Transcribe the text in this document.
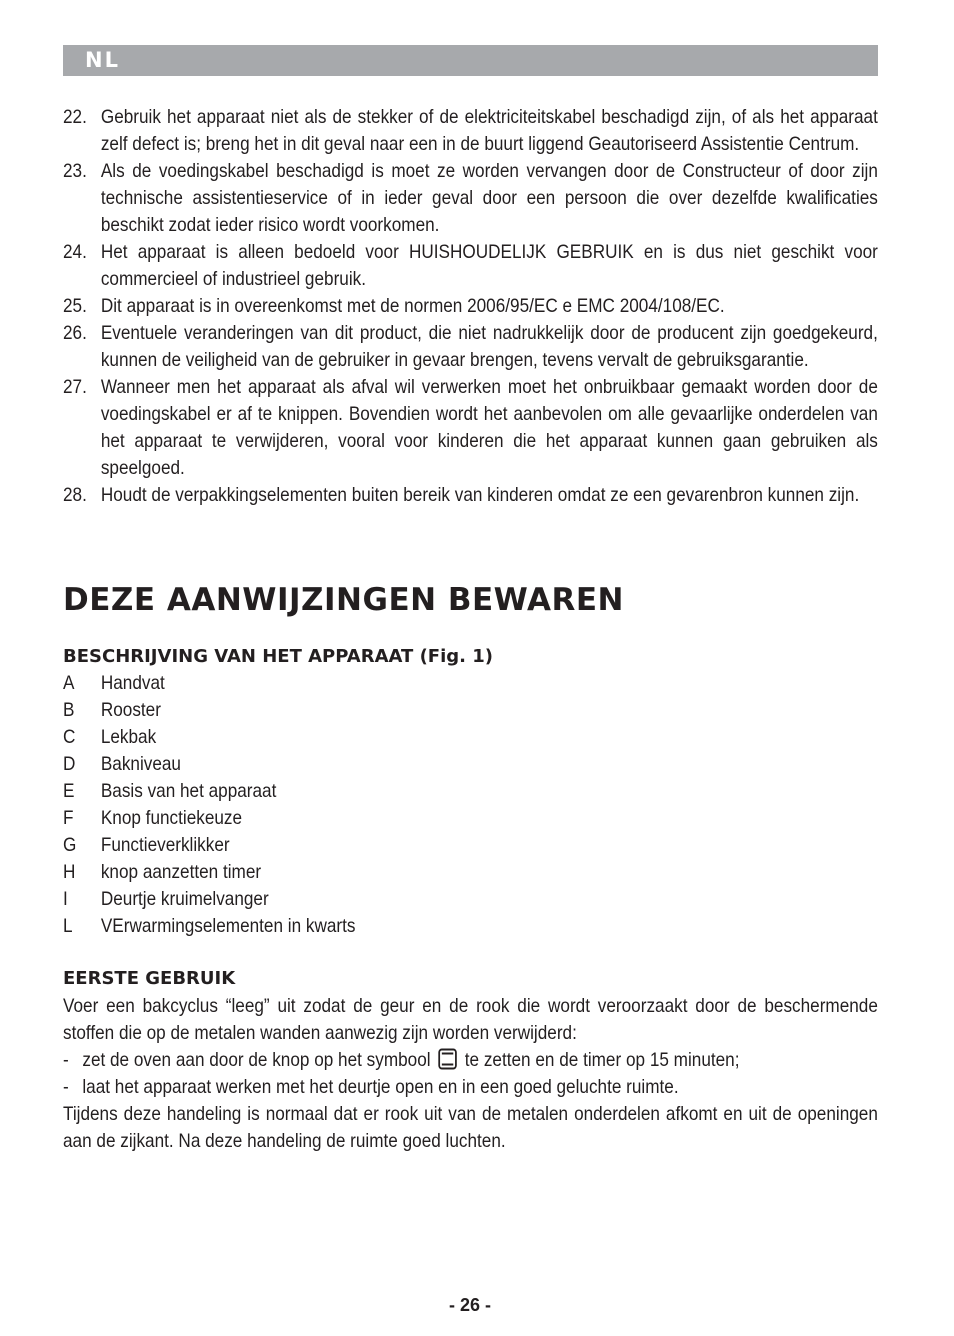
NL
22. Gebruik het apparaat niet als de stekker of de elektriciteitskabel beschadigd zijn, of als het apparaat zelf defect is; breng het in dit geval naar een in de buurt liggend Geautoriseerd Assistentie Centrum.
23. Als de voedingskabel beschadigd is moet ze worden vervangen door de Constructeur of door zijn technische assistentieservice of in ieder geval door een persoon die over dezelfde kwalificaties beschikt zodat ieder risico wordt voorkomen.
24. Het apparaat is alleen bedoeld voor HUISHOUDELIJK GEBRUIK en is dus niet geschikt voor commercieel of industrieel gebruik.
25. Dit apparaat is in overeenkomst met de normen 2006/95/EC e EMC 2004/108/EC.
26. Eventuele veranderingen van dit product, die niet nadrukkelijk door de producent zijn goedgekeurd, kunnen de veiligheid van de gebruiker in gevaar brengen, tevens vervalt de gebruiksgarantie.
27. Wanneer men het apparaat als afval wil verwerken moet het onbruikbaar gemaakt worden door de voedingskabel er af te knippen. Bovendien wordt het aanbevolen om alle gevaarlijke onderdelen van het apparaat te verwijderen, vooral voor kinderen die het apparaat kunnen gaan gebruiken als speelgoed.
28. Houdt de verpakkingselementen buiten bereik van kinderen omdat ze een gevarenbron kunnen zijn.
DEZE AANWIJZINGEN BEWAREN
BESCHRIJVING VAN HET APPARAAT (Fig. 1)
A Handvat
B Rooster
C Lekbak
D Bakniveau
E Basis van het apparaat
F Knop functiekeuze
G Functieverklikker
H knop aanzetten timer
I Deurtje kruimelvanger
L VErwarmingselementen in kwarts
EERSTE GEBRUIK

Voer een bakcyclus “leeg” uit zodat de geur en de rook die wordt veroorzaakt door de beschermende stoffen die op de metalen wanden aanwezig zijn worden verwijderd:

- zet de oven aan door de knop op het symbool te zetten en de timer op 15 minuten;
- laat het apparaat werken met het deurtje open en in een goed geluchte ruimte.

Tijdens deze handeling is normaal dat er rook uit van de metalen onderdelen afkomt en uit de openingen aan de zijkant. Na deze handeling de ruimte goed luchten.

- 26 -
